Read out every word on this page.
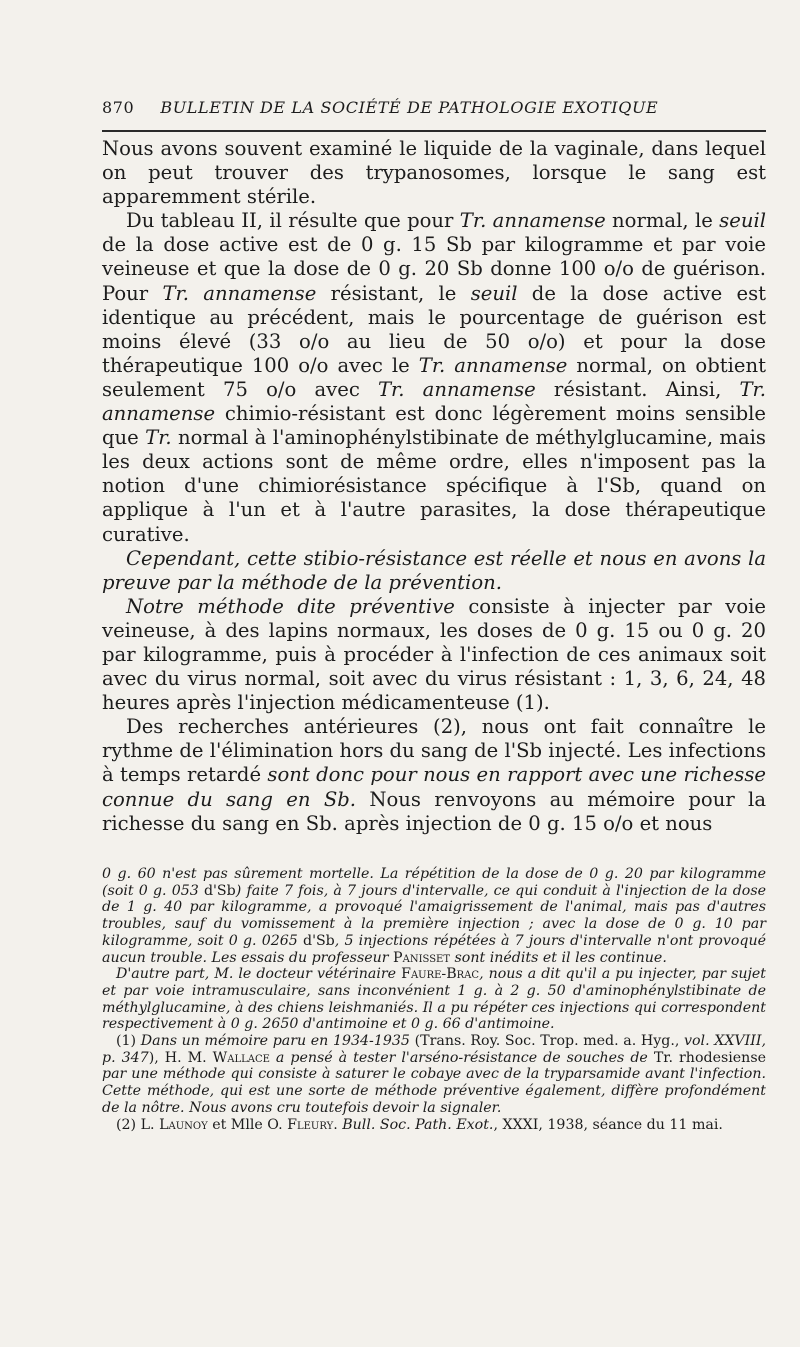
870 BULLETIN DE LA SOCIÉTÉ DE PATHOLOGIE EXOTIQUE

Nous avons souvent examiné le liquide de la vaginale, dans lequel on peut trouver des trypanosomes, lorsque le sang est apparemment stérile.

Du tableau II, il résulte que pour Tr. annamense normal, le seuil de la dose active est de 0 g. 15 Sb par kilogramme et par voie veineuse et que la dose de 0 g. 20 Sb donne 100 o/o de guérison. Pour Tr. annamense résistant, le seuil de la dose active est identique au précédent, mais le pourcentage de guérison est moins élevé (33 o/o au lieu de 50 o/o) et pour la dose thérapeutique 100 o/o avec le Tr. annamense normal, on obtient seulement 75 o/o avec Tr. annamense résistant. Ainsi, Tr. annamense chimio-résistant est donc légèrement moins sensible que Tr. normal à l'aminophénylstibinate de méthylglucamine, mais les deux actions sont de même ordre, elles n'imposent pas la notion d'une chimiorésistance spécifique à l'Sb, quand on applique à l'un et à l'autre parasites, la dose thérapeutique curative.

Cependant, cette stibio-résistance est réelle et nous en avons la preuve par la méthode de la prévention.

Notre méthode dite préventive consiste à injecter par voie veineuse, à des lapins normaux, les doses de 0 g. 15 ou 0 g. 20 par kilogramme, puis à procéder à l'infection de ces animaux soit avec du virus normal, soit avec du virus résistant : 1, 3, 6, 24, 48 heures après l'injection médicamenteuse (1).

Des recherches antérieures (2), nous ont fait connaître le rythme de l'élimination hors du sang de l'Sb injecté. Les infections à temps retardé sont donc pour nous en rapport avec une richesse connue du sang en Sb. Nous renvoyons au mémoire pour la richesse du sang en Sb. après injection de 0 g. 15 o/o et nous

0 g. 60 n'est pas sûrement mortelle. La répétition de la dose de 0 g. 20 par kilogramme (soit 0 g. 053 d'Sb) faite 7 fois, à 7 jours d'intervalle, ce qui conduit à l'injection de la dose de 1 g. 40 par kilogramme, a provoqué l'amaigrissement de l'animal, mais pas d'autres troubles, sauf du vomissement à la première injection ; avec la dose de 0 g. 10 par kilogramme, soit 0 g. 0265 d'Sb, 5 injections répétées à 7 jours d'intervalle n'ont provoqué aucun trouble. Les essais du professeur Panisset sont inédits et il les continue.

D'autre part, M. le docteur vétérinaire Faure-Brac, nous a dit qu'il a pu injecter, par sujet et par voie intramusculaire, sans inconvénient 1 g. à 2 g. 50 d'aminophénylstibinate de méthylglucamine, à des chiens leishmaniés. Il a pu répéter ces injections qui correspondent respectivement à 0 g. 2650 d'antimoine et 0 g. 66 d'antimoine.

(1) Dans un mémoire paru en 1934-1935 (Trans. Roy. Soc. Trop. med. a. Hyg., vol. XXVIII, p. 347), H. M. Wallace a pensé à tester l'arséno-résistance de souches de Tr. rhodesiense par une méthode qui consiste à saturer le cobaye avec de la tryparsamide avant l'infection. Cette méthode, qui est une sorte de méthode préventive également, diffère profondément de la nôtre. Nous avons cru toutefois devoir la signaler.

(2) L. Launoy et Mlle O. Fleury. Bull. Soc. Path. Exot., XXXI, 1938, séance du 11 mai.
